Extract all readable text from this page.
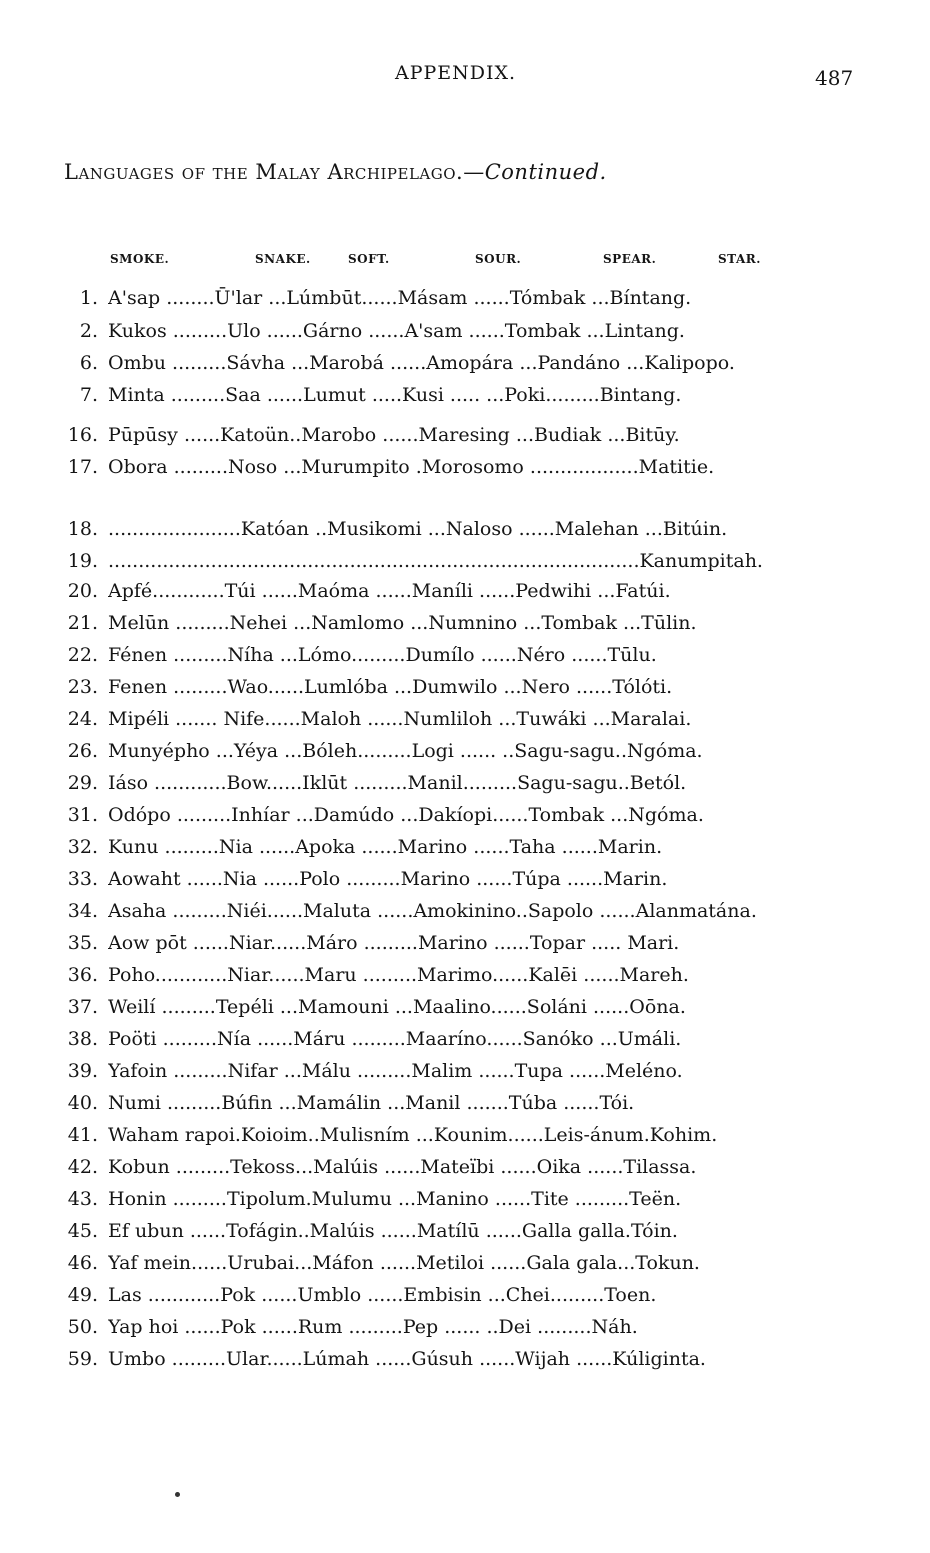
APPENDIX.	487
Languages of the Malay Archipelago.—Continued.
SMOKE.	SNAKE.	SOFT.	SOUR.	SPEAR.	STAR.
1. A'sap ........Ū'lar ...Lúmbūt......Másam ......Tómbak ...Bíntang.
2. Kukos .........Ulo ......Gárno ......A'sam ......Tombak ...Lintang.
6. Ombu .........Sávha ...Marobá ......Amopára ...Pandáno ...Kalipopo.
7. Minta .........Saa ......Lumut .....Kusi ..... ...Poki.........Bintang.
16. Pūpūsy ......Katoün..Marobo ......Maresing ...Budiak ...Bitūy.
17. Obora .........Noso ...Murumpito .Morosomo ..................Matitie.
18. ......................Katóan ..Musikomi ...Naloso ......Malehan ...Bitúin.
19. ........................................................................................Kanumpitah.
20. Apfé............Túi ......Maóma ......Maníli ......Pedwihi ...Fatúi.
21. Melūn .........Nehei ...Namlomo ...Numnino ...Tombak ...Tūlin.
22. Fénen .........Níha ...Lómo.........Dumílo ......Néro ......Tūlu.
23. Fenen .........Wao......Lumlóba ...Dumwilo ...Nero ......Tólóti.
24. Mipéli ....... Nife......Maloh ......Numliloh ...Tuwáki ...Maralai.
26. Munyépho ...Yéya ...Bóleh.........Logi ...... ..Sagu-sagu..Ngóma.
29. Iáso ............Bow......Iklūt .........Manil.........Sagu-sagu..Betól.
31. Odópo .........Inhíar ...Damúdo ...Dakíopi......Tombak ...Ngóma.
32. Kunu .........Nia ......Apoka ......Marino ......Taha ......Marin.
33. Aowaht ......Nia ......Polo .........Marino ......Túpa ......Marin.
34. Asaha .........Niéi......Maluta ......Amokinino..Sapolo ......Alanmatána.
35. Aow pōt ......Niar......Máro .........Marino ......Topar ..... Mari.
36. Poho............Niar......Maru .........Marimo......Kalēi ......Mareh.
37. Weilí .........Tepéli ...Mamouni ...Maalino......Soláni ......Oōna.
38. Poöti .........Nía ......Máru .........Maaríno......Sanóko ...Umáli.
39. Yafoin .........Nifar ...Málu .........Malim ......Tupa ......Meléno.
40. Numi .........Búfin ...Mamálin ...Manil .......Túba ......Tói.
41. Waham rapoi.Koioim..Mulisním ...Kounim......Leis-ánum.Kohim.
42. Kobun .........Tekoss...Malúis ......Mateïbi ......Oika ......Tilassa.
43. Honin .........Tipolum.Mulumu ...Manino ......Tite .........Teën.
45. Ef ubun ......Tofágin..Malúis ......Matílū ......Galla galla.Tóin.
46. Yaf mein......Urubai...Máfon ......Metiloi ......Gala gala...Tokun.
49. Las ............Pok ......Umblo ......Embisin ...Chei.........Toen.
50. Yap hoi ......Pok ......Rum .........Pep ...... ..Dei .........Náh.
59. Umbo .........Ular......Lúmah ......Gúsuh ......Wijah ......Kúliginta.
